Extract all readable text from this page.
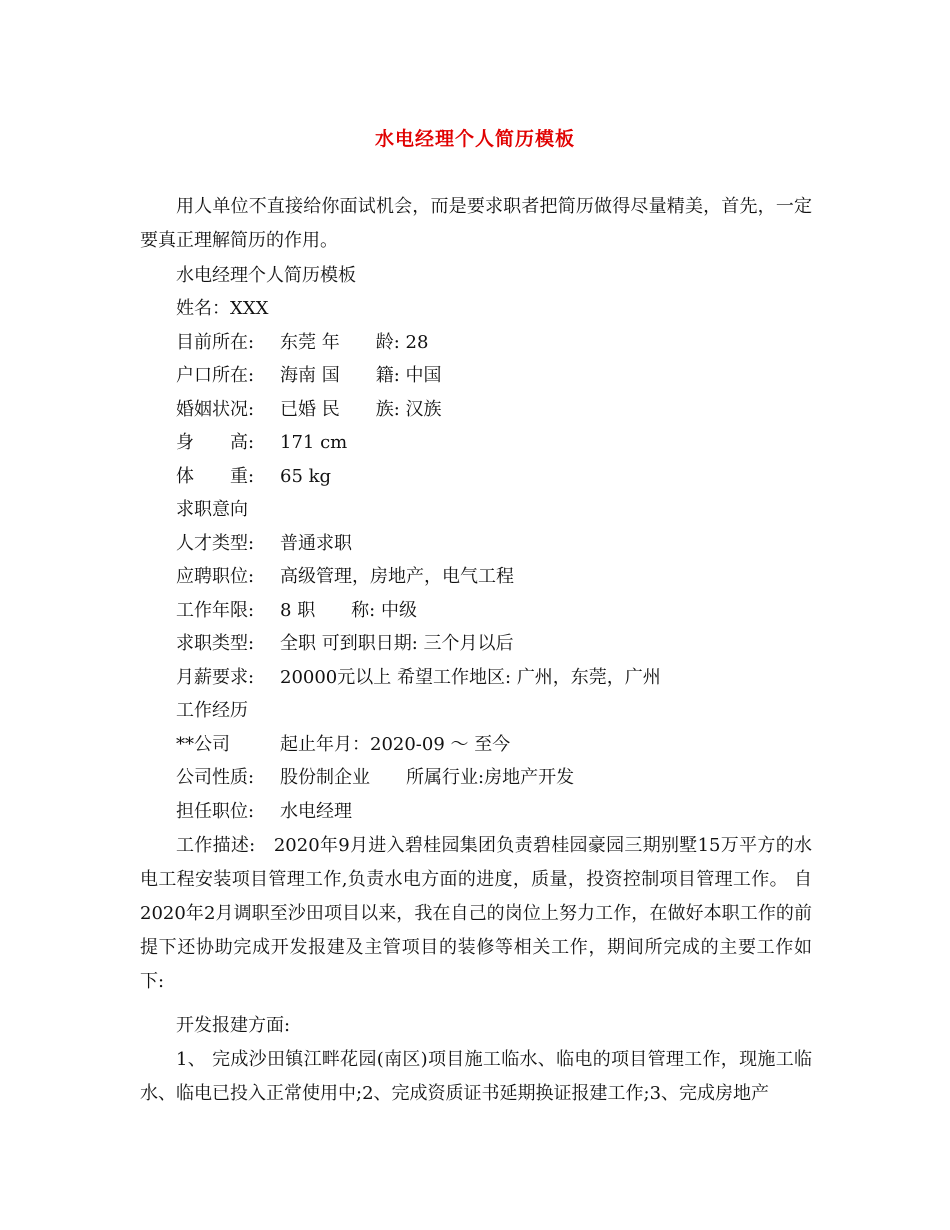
水电经理个人简历模板

用人单位不直接给你面试机会，而是要求职者把简历做得尽量精美，首先，一定要真正理解简历的作用。

水电经理个人简历模板
姓名：XXX
目前所在: 东莞 年　　龄: 28
户口所在: 海南 国　　籍: 中国
婚姻状况: 已婚 民　　族: 汉族
身　　高: 171 cm
体　　重: 65 kg
求职意向
人才类型: 普通求职
应聘职位: 高级管理，房地产，电气工程
工作年限: 8 职　　称: 中级
求职类型: 全职 可到职日期: 三个月以后
月薪要求: 20000元以上 希望工作地区: 广州，东莞，广州
工作经历
**公司	起止年月：2020-09 ～ 至今
公司性质: 股份制企业　　 所属行业:房地产开发
担任职位: 水电经理

工作描述:　2020年9月进入碧桂园集团负责碧桂园豪园三期别墅15万平方的水电工程安装项目管理工作,负责水电方面的进度，质量，投资控制项目管理工作。 自2020年2月调职至沙田项目以来，我在自己的岗位上努力工作，在做好本职工作的前提下还协助完成开发报建及主管项目的装修等相关工作，期间所完成的主要工作如下:

开发报建方面:

1、 完成沙田镇江畔花园(南区)项目施工临水、临电的项目管理工作，现施工临水、临电已投入正常使用中;2、完成资质证书延期换证报建工作;3、完成房地产
